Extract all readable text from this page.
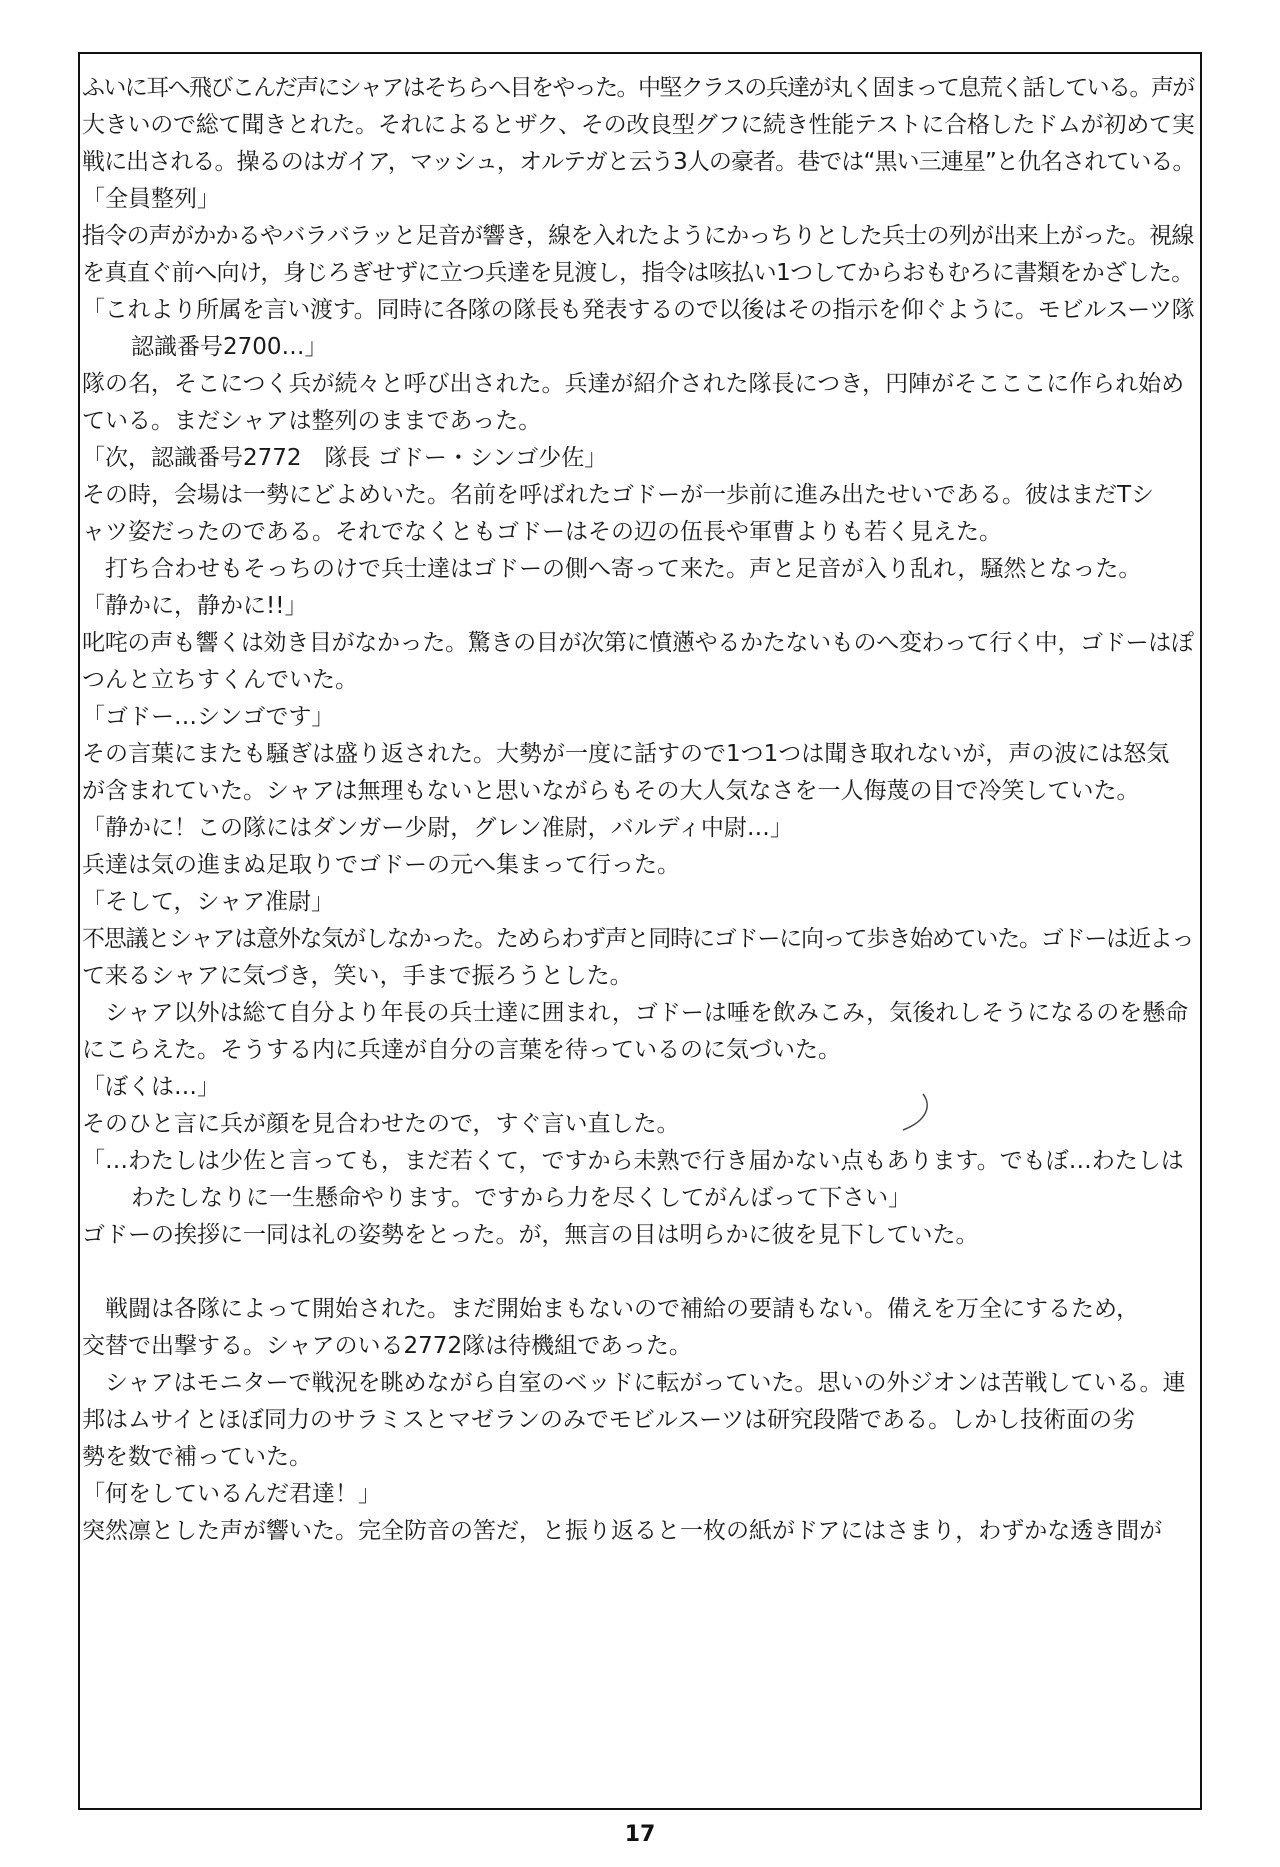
ふいに耳へ飛びこんだ声にシャアはそちらへ目をやった。中堅クラスの兵達が丸く固まって息荒く話している。声が
大きいので総て聞きとれた。それによるとザク、その改良型グフに続き性能テストに合格したドムが初めて実
戦に出される。操るのはガイア，マッシュ，オルテガと云う3人の豪者。巷では“黒い三連星”と仇名されている。
「全員整列」
指令の声がかかるやバラバラッと足音が響き，線を入れたようにかっちりとした兵士の列が出来上がった。視線
を真直ぐ前へ向け，身じろぎせずに立つ兵達を見渡し，指令は咳払い1つしてからおもむろに書類をかざした。
「これより所属を言い渡す。同時に各隊の隊長も発表するので以後はその指示を仰ぐように。モビルスーツ隊
　認識番号2700…」
隊の名，そこにつく兵が続々と呼び出された。兵達が紹介された隊長につき，円陣がそこここに作られ始め
ている。まだシャアは整列のままであった。
「次，認識番号2772　隊長 ゴドー・シンゴ少佐」
その時，会場は一勢にどよめいた。名前を呼ばれたゴドーが一歩前に進み出たせいである。彼はまだTシ
ャツ姿だったのである。それでなくともゴドーはその辺の伍長や軍曹よりも若く見えた。
　打ち合わせもそっちのけで兵士達はゴドーの側へ寄って来た。声と足音が入り乱れ，騒然となった。
「静かに，静かに!!」
叱咤の声も響くは効き目がなかった。驚きの目が次第に憤懣やるかたないものへ変わって行く中，ゴドーはぽ
つんと立ちすくんでいた。
「ゴドー…シンゴです」
その言葉にまたも騒ぎは盛り返された。大勢が一度に話すので1つ1つは聞き取れないが，声の波には怒気
が含まれていた。シャアは無理もないと思いながらもその大人気なさを一人侮蔑の目で冷笑していた。
「静かに！この隊にはダンガー少尉，グレン准尉，バルディ中尉…」
兵達は気の進まぬ足取りでゴドーの元へ集まって行った。
「そして，シャア准尉」
不思議とシャアは意外な気がしなかった。ためらわず声と同時にゴドーに向って歩き始めていた。ゴドーは近よっ
て来るシャアに気づき，笑い，手まで振ろうとした。
　シャア以外は総て自分より年長の兵士達に囲まれ，ゴドーは唾を飲みこみ，気後れしそうになるのを懸命
にこらえた。そうする内に兵達が自分の言葉を待っているのに気づいた。
「ぼくは…」
そのひと言に兵が顔を見合わせたので，すぐ言い直した。
「…わたしは少佐と言っても，まだ若くて，ですから未熟で行き届かない点もあります。でもぼ…わたしは
　わたしなりに一生懸命やります。ですから力を尽くしてがんばって下さい」
ゴドーの挨拶に一同は礼の姿勢をとった。が，無言の目は明らかに彼を見下していた。
　戦闘は各隊によって開始された。まだ開始まもないので補給の要請もない。備えを万全にするため，
交替で出撃する。シャアのいる2772隊は待機組であった。
　シャアはモニターで戦況を眺めながら自室のベッドに転がっていた。思いの外ジオンは苦戦している。連
邦はムサイとほぼ同力のサラミスとマゼランのみでモビルスーツは研究段階である。しかし技術面の劣
勢を数で補っていた。
「何をしているんだ君達！」
突然凛とした声が響いた。完全防音の筈だ，と振り返ると一枚の紙がドアにはさまり，わずかな透き間が
17
